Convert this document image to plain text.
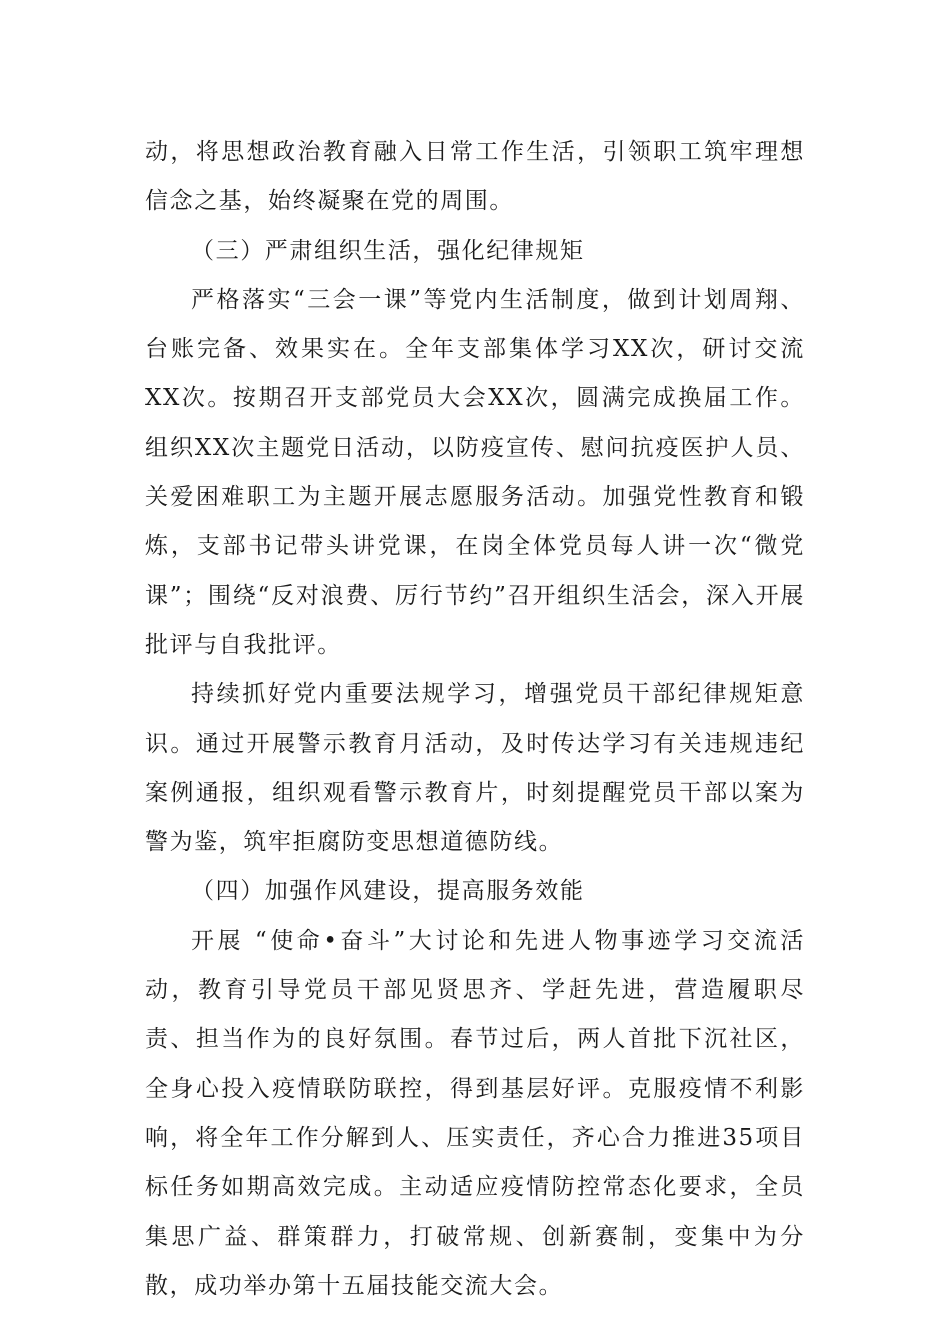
动，将思想政治教育融入日常工作生活，引领职工筑牢理想信念之基，始终凝聚在党的周围。

（三）严肃组织生活，强化纪律规矩

严格落实“三会一课”等党内生活制度，做到计划周翔、台账完备、效果实在。全年支部集体学习XX次，研讨交流XX次。按期召开支部党员大会XX次，圆满完成换届工作。组织XX次主题党日活动，以防疫宣传、慰问抗疫医护人员、关爱困难职工为主题开展志愿服务活动。加强党性教育和锻炼，支部书记带头讲党课，在岗全体党员每人讲一次“微党课”；围绕“反对浪费、厉行节约”召开组织生活会，深入开展批评与自我批评。

持续抓好党内重要法规学习，增强党员干部纪律规矩意识。通过开展警示教育月活动，及时传达学习有关违规违纪案例通报，组织观看警示教育片，时刻提醒党员干部以案为警为鉴，筑牢拒腐防变思想道德防线。

（四）加强作风建设，提高服务效能

开展 “使命•奋斗”大讨论和先进人物事迹学习交流活动，教育引导党员干部见贤思齐、学赶先进，营造履职尽责、担当作为的良好氛围。春节过后，两人首批下沉社区，全身心投入疫情联防联控，得到基层好评。克服疫情不利影响，将全年工作分解到人、压实责任，齐心合力推进35项目标任务如期高效完成。主动适应疫情防控常态化要求，全员集思广益、群策群力，打破常规、创新赛制，变集中为分散，成功举办第十五届技能交流大会。
